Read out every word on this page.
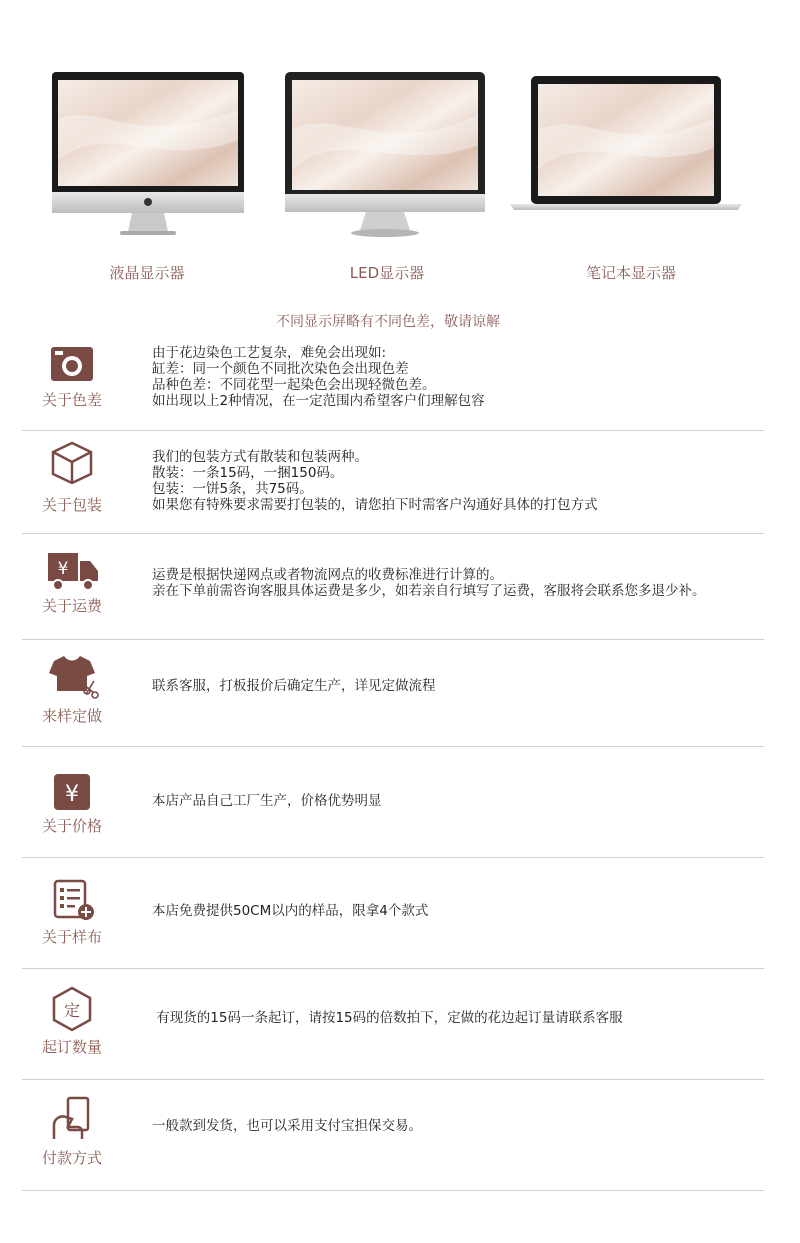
液晶显示器	LED显示器	笔记本显示器
不同显示屏略有不同色差，敬请谅解
关于色差
由于花边染色工艺复杂，难免会出现如:
缸差：同一个颜色不同批次染色会出现色差
品种色差：不同花型一起染色会出现轻微色差。
如出现以上2种情况，在一定范围内希望客户们理解包容
关于包装
我们的包装方式有散装和包装两种。
散装：一条15码，一捆150码。
包装：一饼5条，共75码。
如果您有特殊要求需要打包装的，请您拍下时需客户沟通好具体的打包方式
¥
关于运费
运费是根据快递网点或者物流网点的收费标准进行计算的。
亲在下单前需咨询客服具体运费是多少，如若亲自行填写了运费，客服将会联系您多退少补。
来样定做
联系客服，打板报价后确定生产，详见定做流程
¥
关于价格
本店产品自己工厂生产，价格优势明显
关于样布
本店免费提供50CM以内的样品，限拿4个款式
定
起订数量
有现货的15码一条起订，请按15码的倍数拍下，定做的花边起订量请联系客服
付款方式
一般款到发货，也可以采用支付宝担保交易。
